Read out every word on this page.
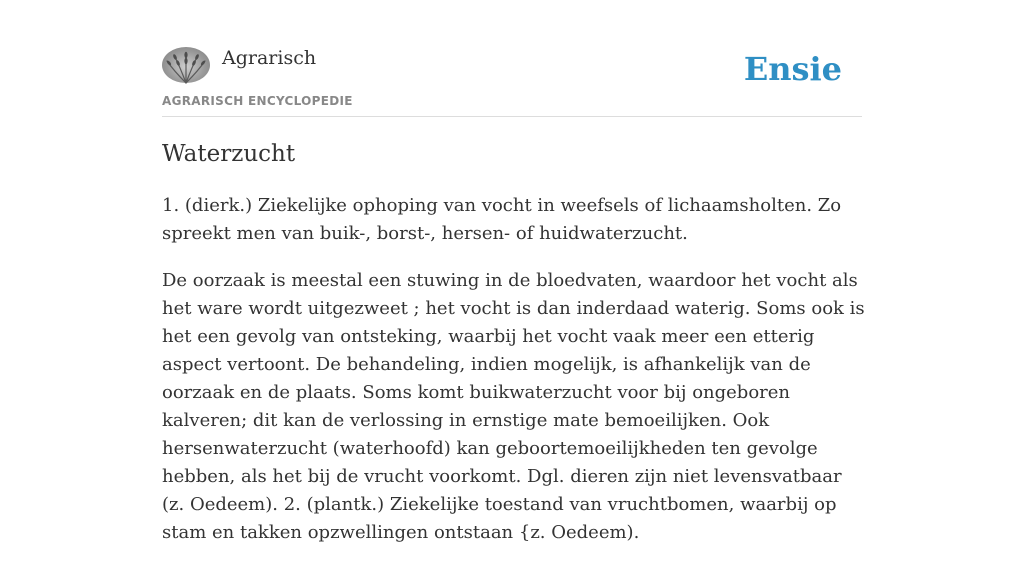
Agrarisch
AGRARISCH ENCYCLOPEDIE
Ensie
Waterzucht

1. (dierk.) Ziekelijke ophoping van vocht in weefsels of lichaamsholten. Zo spreekt men van buik-, borst-, hersen- of huidwaterzucht.

De oorzaak is meestal een stuwing in de bloedvaten, waardoor het vocht als het ware wordt uitgezweet ; het vocht is dan inderdaad waterig. Soms ook is het een gevolg van ontsteking, waarbij het vocht vaak meer een etterig aspect vertoont. De behandeling, indien mogelijk, is afhankelijk van de oorzaak en de plaats. Soms komt buikwaterzucht voor bij ongeboren kalveren; dit kan de verlossing in ernstige mate bemoeilijken. Ook hersenwaterzucht (waterhoofd) kan geboortemoeilijkheden ten gevolge hebben, als het bij de vrucht voorkomt. Dgl. dieren zijn niet levensvatbaar (z. Oedeem). 2. (plantk.) Ziekelijke toestand van vruchtbomen, waarbij op stam en takken opzwellingen ontstaan {z. Oedeem).
